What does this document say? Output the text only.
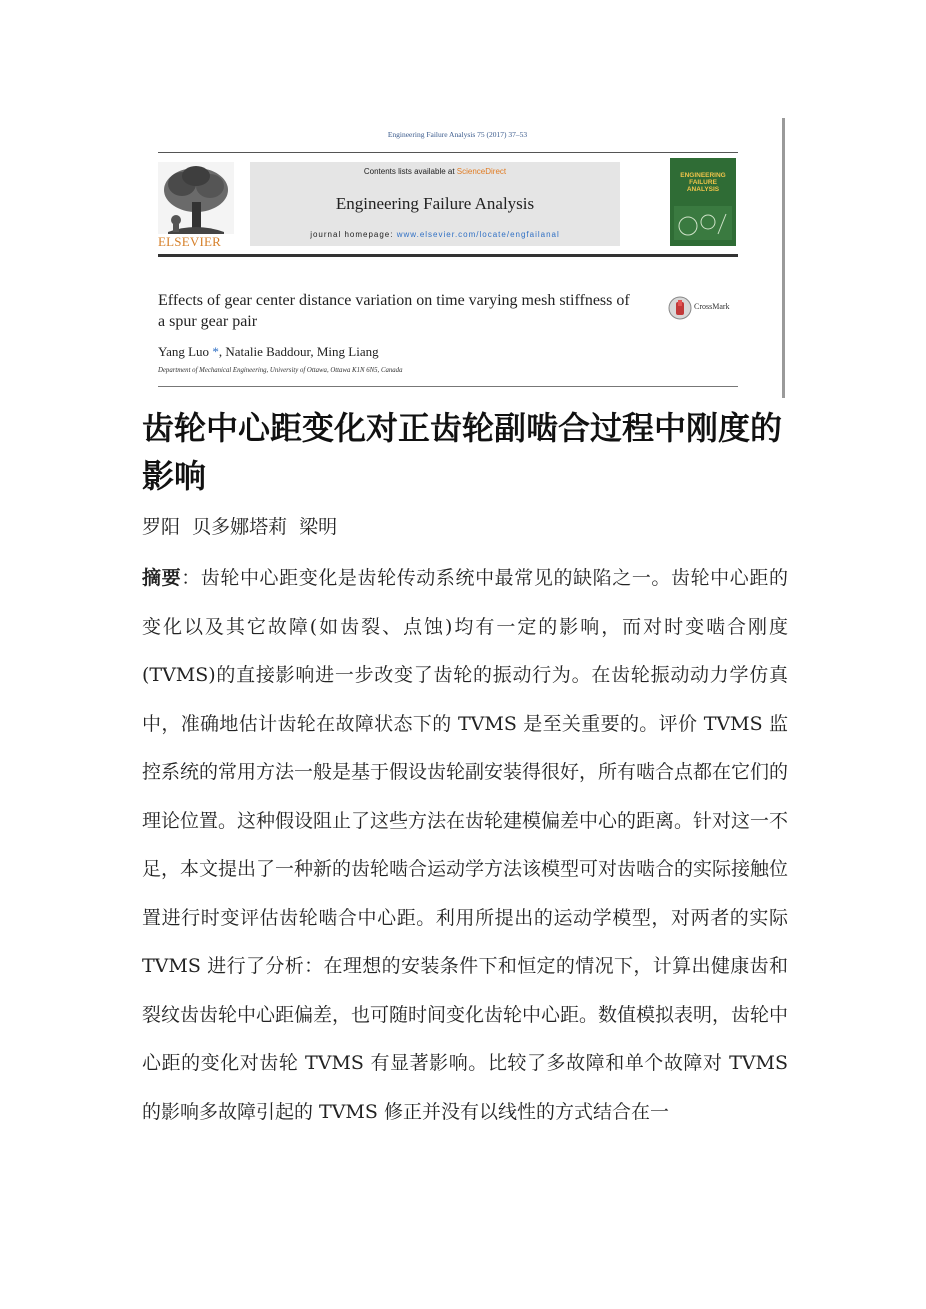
Engineering Failure Analysis 75 (2017) 37–53
ELSEVIER
Contents lists available at ScienceDirect
Engineering Failure Analysis
journal homepage: www.elsevier.com/locate/engfailanal
ENGINEERING
FAILURE
ANALYSIS
Effects of gear center distance variation on time varying mesh stiffness of a spur gear pair
CrossMark
Yang Luo *, Natalie Baddour, Ming Liang
Department of Mechanical Engineering, University of Ottawa, Ottawa K1N 6N5, Canada
齿轮中心距变化对正齿轮副啮合过程中刚度的影响

罗阳  贝多娜塔莉  梁明

摘要：齿轮中心距变化是齿轮传动系统中最常见的缺陷之一。齿轮中心距的变化以及其它故障(如齿裂、点蚀)均有一定的影响，而对时变啮合刚度(TVMS)的直接影响进一步改变了齿轮的振动行为。在齿轮振动动力学仿真中，准确地估计齿轮在故障状态下的 TVMS 是至关重要的。评价 TVMS 监控系统的常用方法一般是基于假设齿轮副安装得很好，所有啮合点都在它们的理论位置。这种假设阻止了这些方法在齿轮建模偏差中心的距离。针对这一不足，本文提出了一种新的齿轮啮合运动学方法该模型可对齿啮合的实际接触位置进行时变评估齿轮啮合中心距。利用所提出的运动学模型，对两者的实际 TVMS 进行了分析：在理想的安装条件下和恒定的情况下，计算出健康齿和裂纹齿齿轮中心距偏差，也可随时间变化齿轮中心距。数值模拟表明，齿轮中心距的变化对齿轮 TVMS 有显著影响。比较了多故障和单个故障对 TVMS 的影响多故障引起的 TVMS 修正并没有以线性的方式结合在一
